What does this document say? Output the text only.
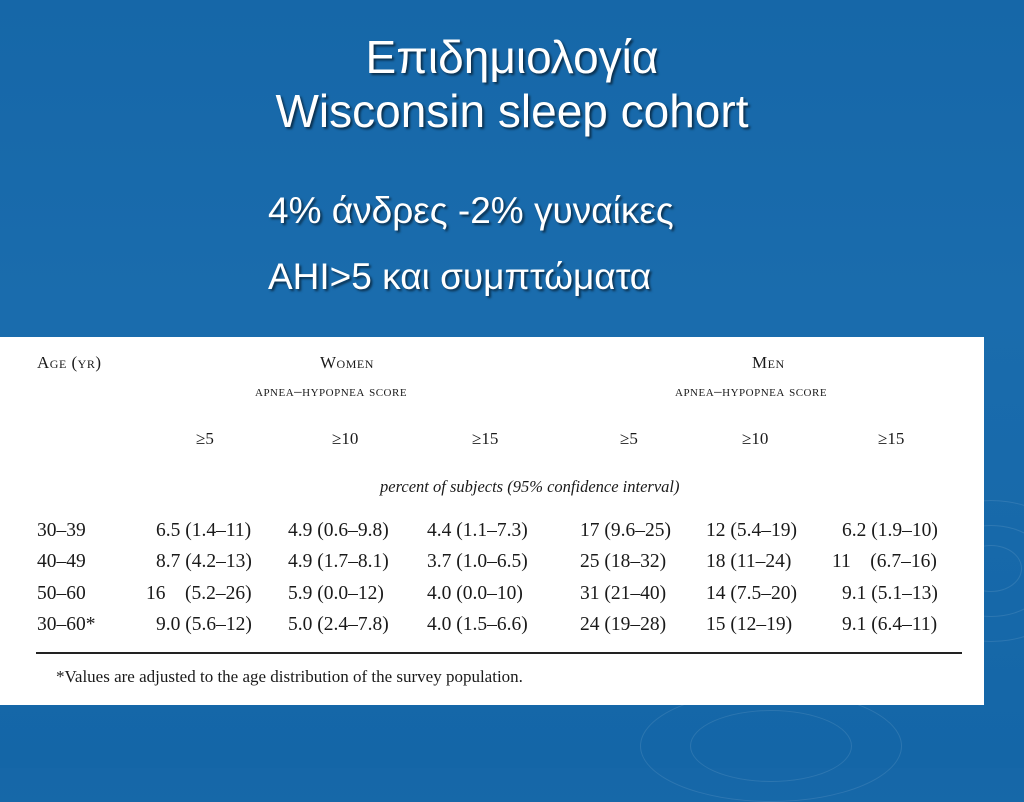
Επιδημιολογία
Wisconsin sleep cohort
4% άνδρες -2% γυναίκες
AHI>5 και συμπτώματα
Age (yr)	Women	Men
apnea–hypopnea score	apnea–hypopnea score
≥5	≥10	≥15	≥5	≥10	≥15
percent of subjects (95% confidence interval)
30–39	6.5 (1.4–11) 4.9 (0.6–9.8) 4.4 (1.1–7.3)	17 (9.6–25) 12 (5.4–19) 6.2 (1.9–10)
40–49	8.7 (4.2–13) 4.9 (1.7–8.1) 3.7 (1.0–6.5)	25 (18–32) 18 (11–24) 11    (6.7–16)
50–60	16    (5.2–26) 5.9 (0.0–12) 4.0 (0.0–10)	31 (21–40) 14 (7.5–20) 9.1 (5.1–13)
30–60*	9.0 (5.6–12) 5.0 (2.4–7.8) 4.0 (1.5–6.6)	24 (19–28) 15 (12–19)	9.1 (6.4–11)
*Values are adjusted to the age distribution of the survey population.
